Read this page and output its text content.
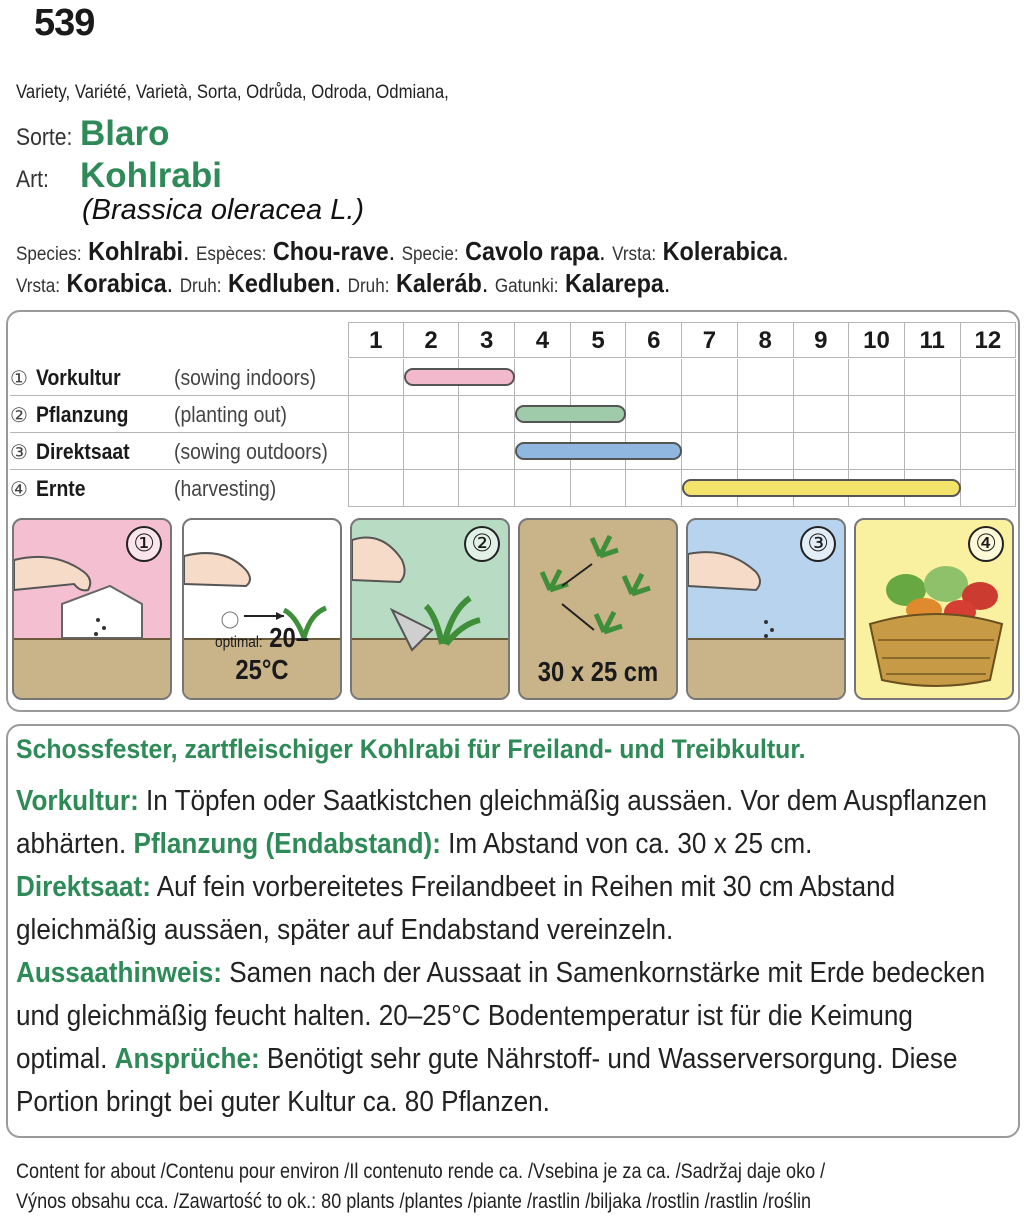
539
Variety, Variété, Varietà, Sorta, Odrůda, Odroda, Odmiana,
Sorte: Blaro
Art: Kohlrabi
(Brassica oleracea L.)
Species: Kohlrabi. Espèces: Chou-rave. Specie: Cavolo rapa. Vrsta: Kolerabica.
Vrsta: Korabica. Druh: Kedluben. Druh: Kaleráb. Gatunki: Kalarepa.
1	2	3	4	5	6	7	8	9	10	11	12
① Vorkultur (sowing indoors)
② Pflanzung (planting out)
③ Direktsaat (sowing outdoors)
④ Ernte	(harvesting)
①
optimal: 20–25°C
②
30 x 25 cm
③	④
Schossfester, zartfleischiger Kohlrabi für Freiland- und Treibkultur.
Vorkultur: In Töpfen oder Saatkistchen gleichmäßig aussäen. Vor dem Auspflanzen abhärten. Pflanzung (Endabstand): Im Abstand von ca. 30 x 25 cm.
Direktsaat: Auf fein vorbereitetes Freilandbeet in Reihen mit 30 cm Abstand gleichmäßig aussäen, später auf Endabstand vereinzeln.
Aussaathinweis: Samen nach der Aussaat in Samenkornstärke mit Erde bedecken und gleichmäßig feucht halten. 20–25°C Bodentemperatur ist für die Keimung optimal. Ansprüche: Benötigt sehr gute Nährstoff- und Wasserversorgung. Diese Portion bringt bei guter Kultur ca. 80 Pflanzen.
Content for about /Contenu pour environ /Il contenuto rende ca. /Vsebina je za ca. /Sadržaj daje oko /
Výnos obsahu cca. /Zawartość to ok.: 80 plants /plantes /piante /rastlin /biljaka /rostlin /rastlin /roślin
